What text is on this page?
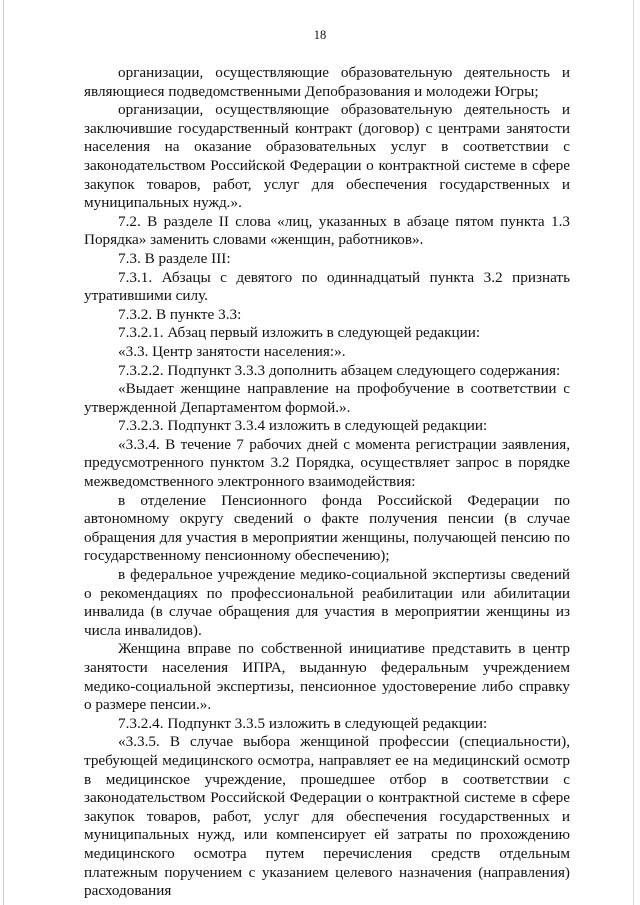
18

организации, осуществляющие образовательную деятельность и являющиеся подведомственными Депобразования и молодежи Югры;

организации, осуществляющие образовательную деятельность и заключившие государственный контракт (договор) с центрами занятости населения на оказание образовательных услуг в соответствии с законодательством Российской Федерации о контрактной системе в сфере закупок товаров, работ, услуг для обеспечения государственных и муниципальных нужд.».

7.2. В разделе II слова «лиц, указанных в абзаце пятом пункта 1.3 Порядка» заменить словами «женщин, работников».

7.3. В разделе III:

7.3.1. Абзацы с девятого по одиннадцатый пункта 3.2 признать утратившими силу.

7.3.2. В пункте 3.3:

7.3.2.1. Абзац первый изложить в следующей редакции:

«3.3. Центр занятости населения:».

7.3.2.2. Подпункт 3.3.3 дополнить абзацем следующего содержания:

«Выдает женщине направление на профобучение в соответствии с утвержденной Департаментом формой.».

7.3.2.3. Подпункт 3.3.4 изложить в следующей редакции:

«3.3.4. В течение 7 рабочих дней с момента регистрации заявления, предусмотренного пунктом 3.2 Порядка, осуществляет запрос в порядке межведомственного электронного взаимодействия:

в отделение Пенсионного фонда Российской Федерации по автономному округу сведений о факте получения пенсии (в случае обращения для участия в мероприятии женщины, получающей пенсию по государственному пенсионному обеспечению);

в федеральное учреждение медико-социальной экспертизы сведений о рекомендациях по профессиональной реабилитации или абилитации инвалида (в случае обращения для участия в мероприятии женщины из числа инвалидов).

Женщина вправе по собственной инициативе представить в центр занятости населения ИПРА, выданную федеральным учреждением медико-социальной экспертизы, пенсионное удостоверение либо справку о размере пенсии.».

7.3.2.4. Подпункт 3.3.5 изложить в следующей редакции:

«3.3.5. В случае выбора женщиной профессии (специальности), требующей медицинского осмотра, направляет ее на медицинский осмотр в медицинское учреждение, прошедшее отбор в соответствии с законодательством Российской Федерации о контрактной системе в сфере закупок товаров, работ, услуг для обеспечения государственных и муниципальных нужд, или компенсирует ей затраты по прохождению медицинского осмотра путем перечисления средств отдельным платежным поручением с указанием целевого назначения (направления) расходования
